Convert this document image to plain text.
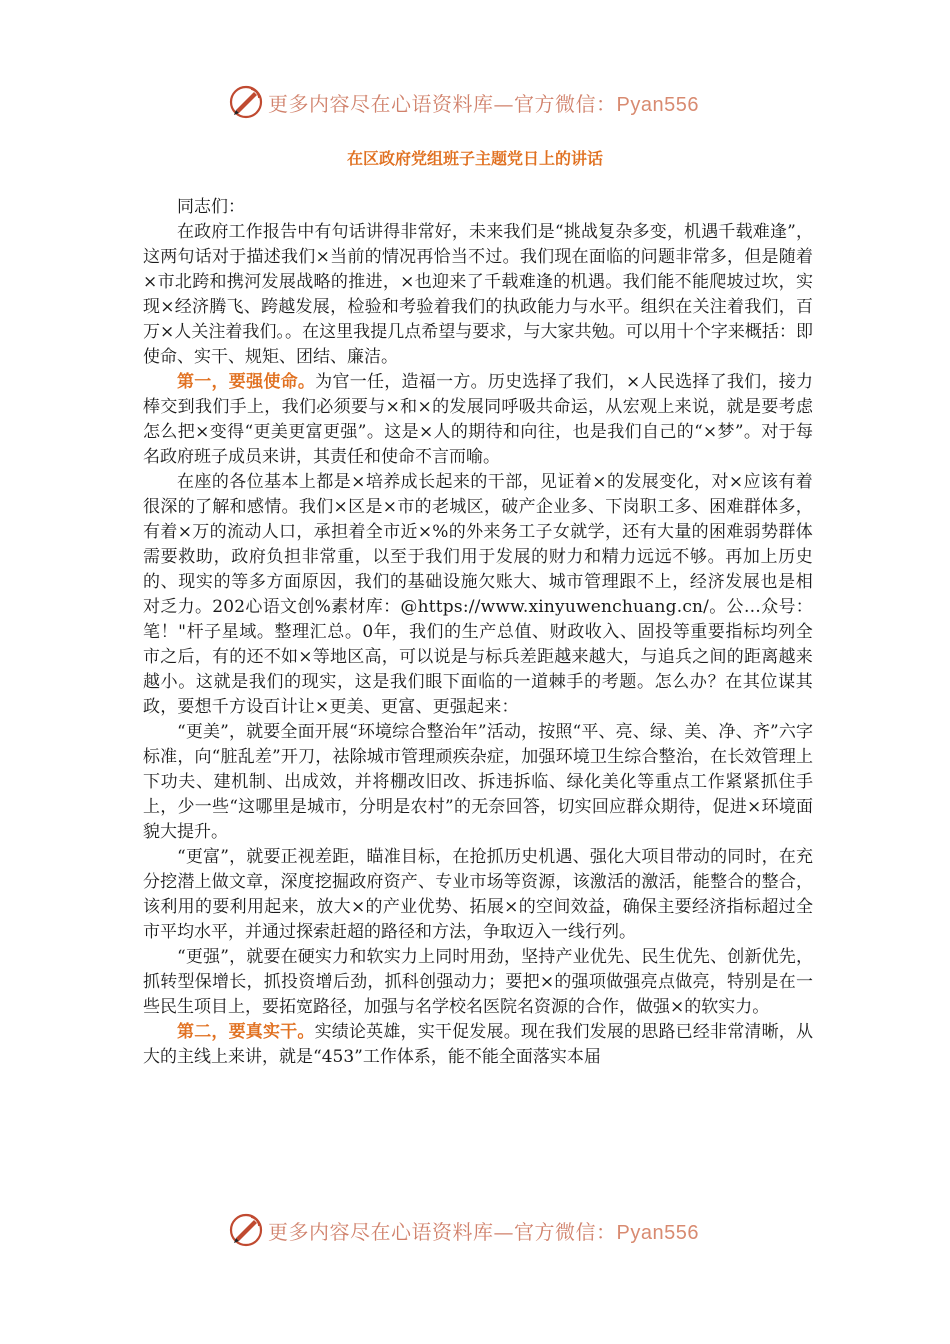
更多内容尽在心语资料库—官方微信：Pyan556
在区政府党组班子主题党日上的讲话

同志们：

在政府工作报告中有句话讲得非常好，未来我们是“挑战复杂多变，机遇千载难逢”，这两句话对于描述我们×当前的情况再恰当不过。我们现在面临的问题非常多，但是随着×市北跨和携河发展战略的推进，×也迎来了千载难逢的机遇。我们能不能爬坡过坎，实现×经济腾飞、跨越发展，检验和考验着我们的执政能力与水平。组织在关注着我们，百万×人关注着我们。。在这里我提几点希望与要求，与大家共勉。可以用十个字来概括：即使命、实干、规矩、团结、廉洁。

第一，要强使命。为官一任，造福一方。历史选择了我们，×人民选择了我们，接力棒交到我们手上，我们必须要与×和×的发展同呼吸共命运，从宏观上来说，就是要考虑怎么把×变得“更美更富更强”。这是×人的期待和向往，也是我们自己的“×梦”。对于每名政府班子成员来讲，其责任和使命不言而喻。

在座的各位基本上都是×培养成长起来的干部，见证着×的发展变化，对×应该有着很深的了解和感情。我们×区是×市的老城区，破产企业多、下岗职工多、困难群体多，有着×万的流动人口，承担着全市近×%的外来务工子女就学，还有大量的困难弱势群体需要救助，政府负担非常重，以至于我们用于发展的财力和精力远远不够。再加上历史的、现实的等多方面原因，我们的基础设施欠账大、城市管理跟不上，经济发展也是相对乏力。202心语文创%素材库：@https://www.xinyuwenchuang.cn/。公…众号：笔！"杆子星域。整理汇总。0年，我们的生产总值、财政收入、固投等重要指标均列全市之后，有的还不如×等地区高，可以说是与标兵差距越来越大，与追兵之间的距离越来越小。这就是我们的现实，这是我们眼下面临的一道棘手的考题。怎么办？在其位谋其政，要想千方设百计让×更美、更富、更强起来：

“更美”，就要全面开展“环境综合整治年”活动，按照“平、亮、绿、美、净、齐”六字标准，向“脏乱差”开刀，祛除城市管理顽疾杂症，加强环境卫生综合整治，在长效管理上下功夫、建机制、出成效，并将棚改旧改、拆违拆临、绿化美化等重点工作紧紧抓住手上，少一些“这哪里是城市，分明是农村”的无奈回答，切实回应群众期待，促进×环境面貌大提升。

“更富”，就要正视差距，瞄准目标，在抢抓历史机遇、强化大项目带动的同时，在充分挖潜上做文章，深度挖掘政府资产、专业市场等资源，该激活的激活，能整合的整合，该利用的要利用起来，放大×的产业优势、拓展×的空间效益，确保主要经济指标超过全市平均水平，并通过探索赶超的路径和方法，争取迈入一线行列。

“更强”，就要在硬实力和软实力上同时用劲，坚持产业优先、民生优先、创新优先，抓转型保增长，抓投资增后劲，抓科创强动力；要把×的强项做强亮点做亮，特别是在一些民生项目上，要拓宽路径，加强与名学校名医院名资源的合作，做强×的软实力。

第二，要真实干。实绩论英雄，实干促发展。现在我们发展的思路已经非常清晰，从大的主线上来讲，就是“453”工作体系，能不能全面落实本届

更多内容尽在心语资料库—官方微信：Pyan556
